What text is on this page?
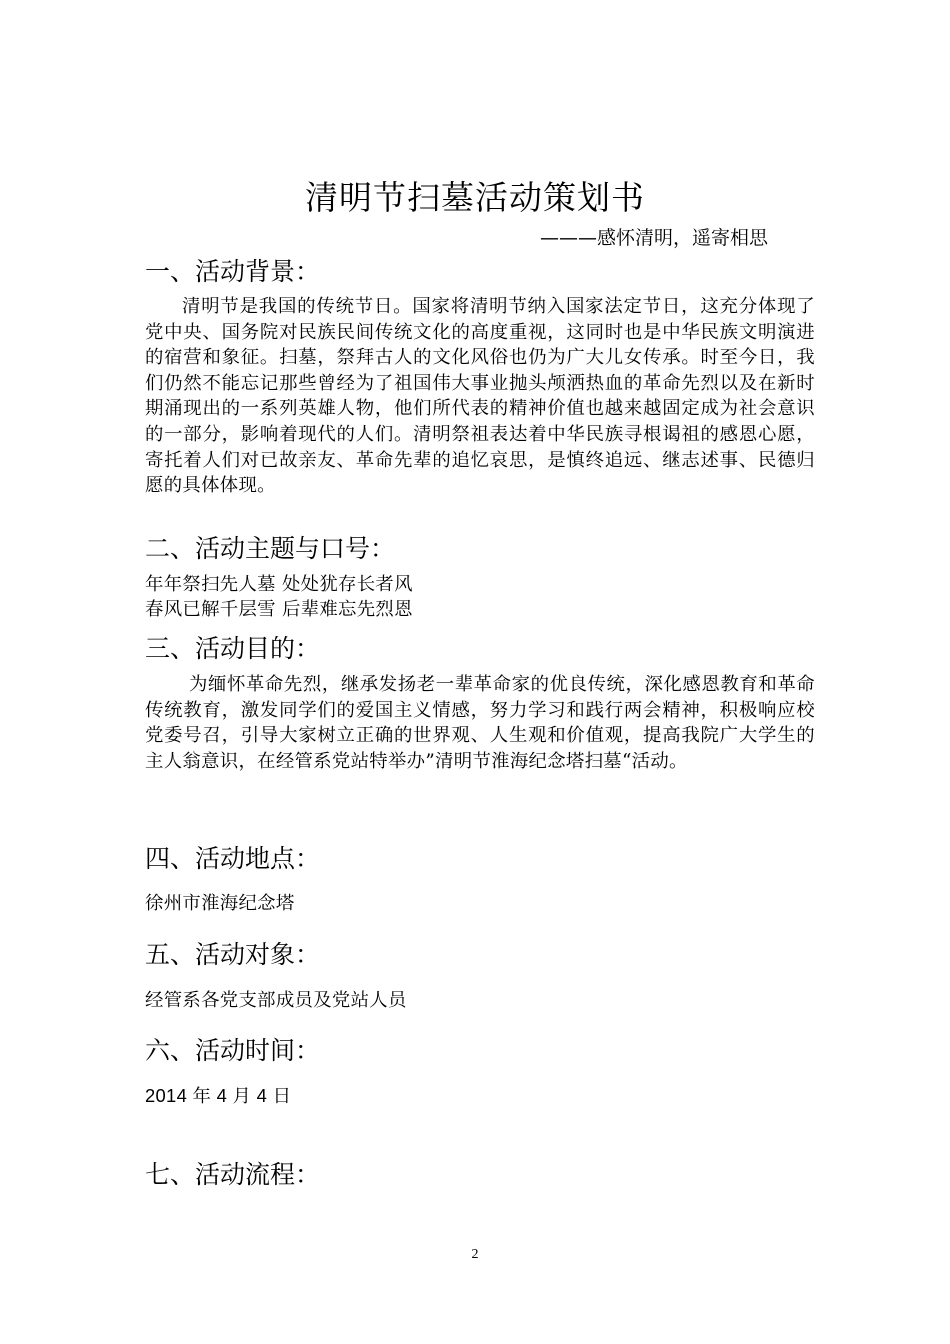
清明节扫墓活动策划书
———感怀清明，遥寄相思
一、活动背景：
清明节是我国的传统节日。国家将清明节纳入国家法定节日，这充分体现了党中央、国务院对民族民间传统文化的高度重视，这同时也是中华民族文明演进的宿营和象征。扫墓，祭拜古人的文化风俗也仍为广大儿女传承。时至今日，我们仍然不能忘记那些曾经为了祖国伟大事业抛头颅洒热血的革命先烈以及在新时期涌现出的一系列英雄人物，他们所代表的精神价值也越来越固定成为社会意识的一部分，影响着现代的人们。清明祭祖表达着中华民族寻根谒祖的感恩心愿，寄托着人们对已故亲友、革命先辈的追忆哀思，是慎终追远、继志述事、民德归愿的具体体现。
二、活动主题与口号：
年年祭扫先人墓 处处犹存长者风
春风已解千层雪 后辈难忘先烈恩
三、活动目的：
为缅怀革命先烈，继承发扬老一辈革命家的优良传统，深化感恩教育和革命传统教育，激发同学们的爱国主义情感，努力学习和践行两会精神，积极响应校党委号召，引导大家树立正确的世界观、人生观和价值观，提高我院广大学生的主人翁意识，在经管系党站特举办”清明节淮海纪念塔扫墓“活动。
四、活动地点：
徐州市淮海纪念塔
五、活动对象：
经管系各党支部成员及党站人员
六、活动时间：
2014 年 4 月 4 日
七、活动流程：
2
